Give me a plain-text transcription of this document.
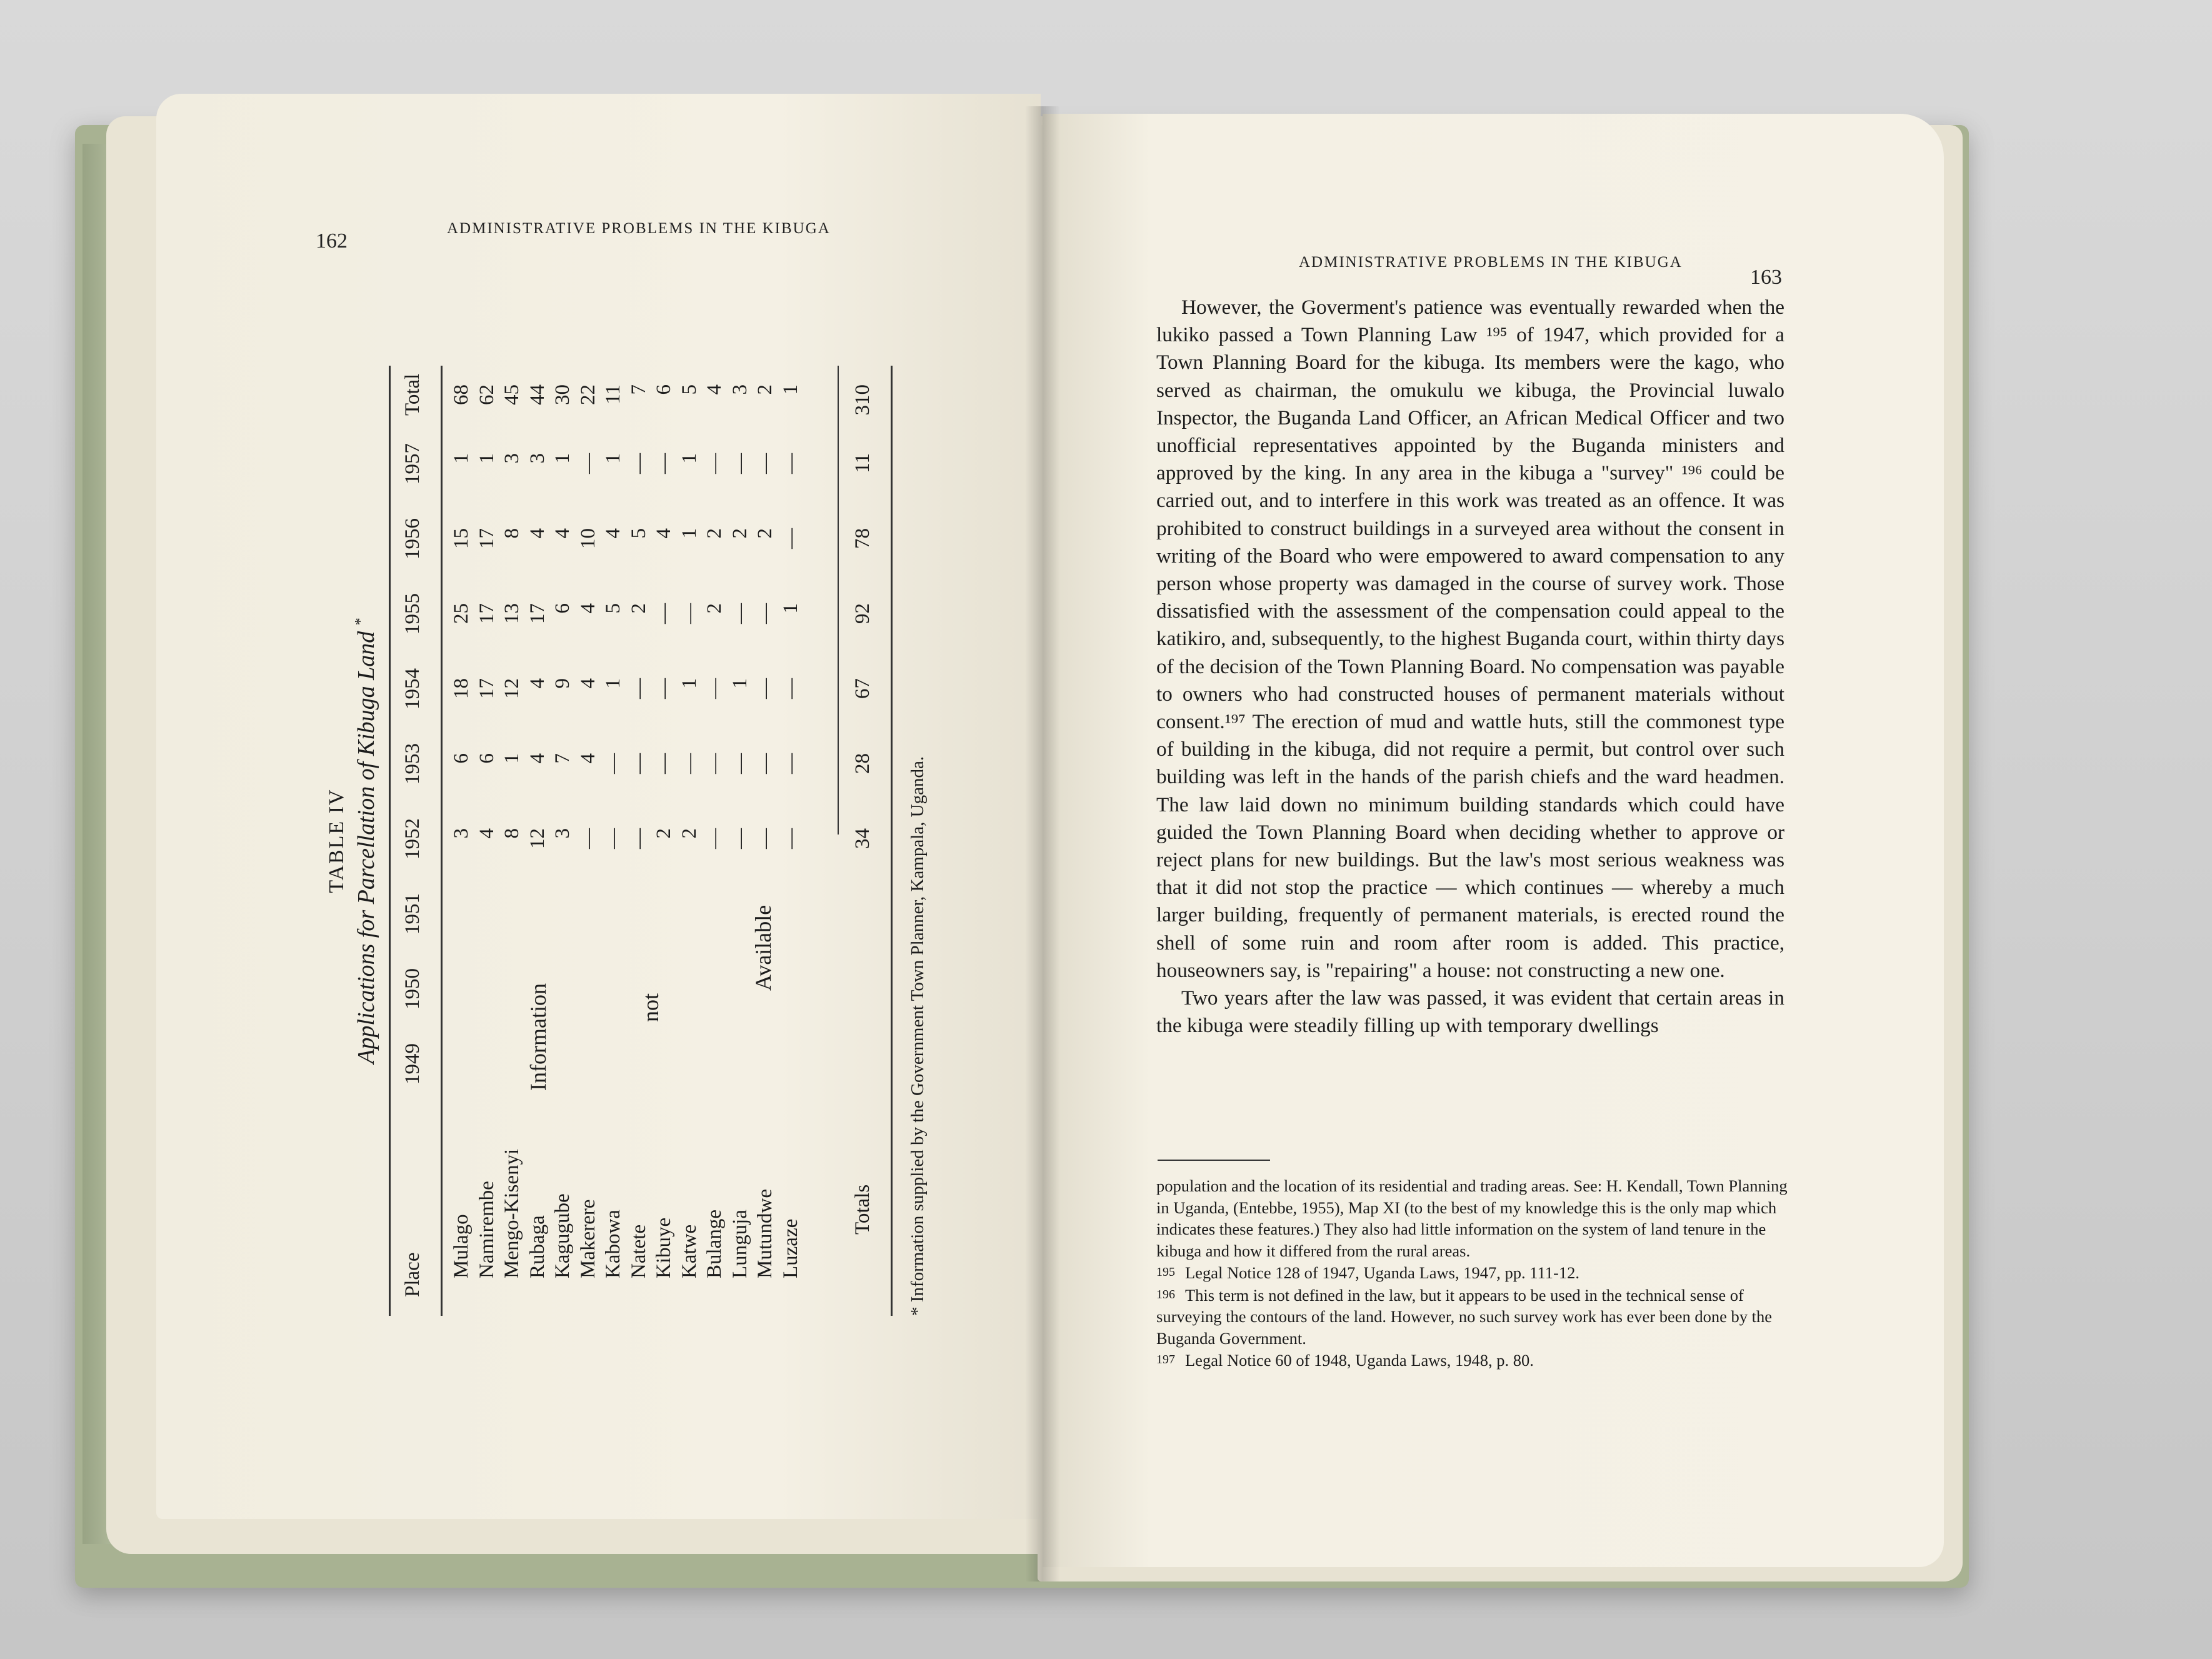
162
ADMINISTRATIVE PROBLEMS IN THE KIBUGA
TABLE IV Applications for Parcellation of Kibuga Land *
Place
1949
1950
1951
1952
1953
1954
1955
1956
1957
Total
Mulago
3
6
18
25
15
1
68
Namirembe
4
6
17
17
17
1
62
Mengo-Kisenyi
8
1
12
13
8
3
45
Rubaga
12
4
4
17
4
3
44
Kagugube
3
7
9
6
4
1
30
Makerere
—
4
4
4
10
—
22
Kabowa
—
—
1
5
4
1
11
Natete
—
—
—
2
5
—
7
Kibuye
2
—
—
—
4
—
6
Katwe
2
—
1
—
1
1
5
Bulange
—
—
—
2
2
—
4
Lunguja
—
—
1
—
2
—
3
Mutundwe
—
—
—
—
2
—
2
Luzaze
—
—
—
1
—
—
1
Information	not
Available
Totals
34
28
67
92
78
11
310
* Information supplied by the Government Town Planner, Kampala, Uganda.
ADMINISTRATIVE PROBLEMS IN THE KIBUGA
163

However, the Goverment's patience was eventually rewarded when the lukiko passed a Town Planning Law ¹⁹⁵ of 1947, which provided for a Town Planning Board for the kibuga. Its members were the kago, who served as chairman, the omukulu we kibuga, the Provincial luwalo Inspector, the Buganda Land Officer, an African Medical Officer and two unofficial representatives appointed by the Buganda ministers and approved by the king. In any area in the kibuga a "survey" ¹⁹⁶ could be carried out, and to interfere in this work was treated as an offence. It was prohibited to construct buildings in a surveyed area without the consent in writing of the Board who were empowered to award compensation to any person whose property was damaged in the course of survey work. Those dissatisfied with the assessment of the compensation could appeal to the katikiro, and, subsequently, to the highest Buganda court, within thirty days of the decision of the Town Planning Board. No compensation was payable to owners who had constructed houses of permanent materials without consent.¹⁹⁷ The erection of mud and wattle huts, still the commonest type of building in the kibuga, did not require a permit, but control over such building was left in the hands of the parish chiefs and the ward headmen. The law laid down no minimum building standards which could have guided the Town Planning Board when deciding whether to approve or reject plans for new buildings. But the law's most serious weakness was that it did not stop the practice — which continues — whereby a much larger building, frequently of permanent materials, is erected round the shell of some ruin and room after room is added. This practice, houseowners say, is "repairing" a house: not constructing a new one.

Two years after the law was passed, it was evident that certain areas in the kibuga were steadily filling up with temporary dwellings

population and the location of its residential and trading areas. See: H. Kendall, Town Planning in Uganda, (Entebbe, 1955), Map XI (to the best of my knowledge this is the only map which indicates these features.) They also had little information on the system of land tenure in the kibuga and how it differed from the rural areas.

195 Legal Notice 128 of 1947, Uganda Laws, 1947, pp. 111-12.

196 This term is not defined in the law, but it appears to be used in the technical sense of surveying the contours of the land. However, no such survey work has ever been done by the Buganda Government.

197 Legal Notice 60 of 1948, Uganda Laws, 1948, p. 80.
